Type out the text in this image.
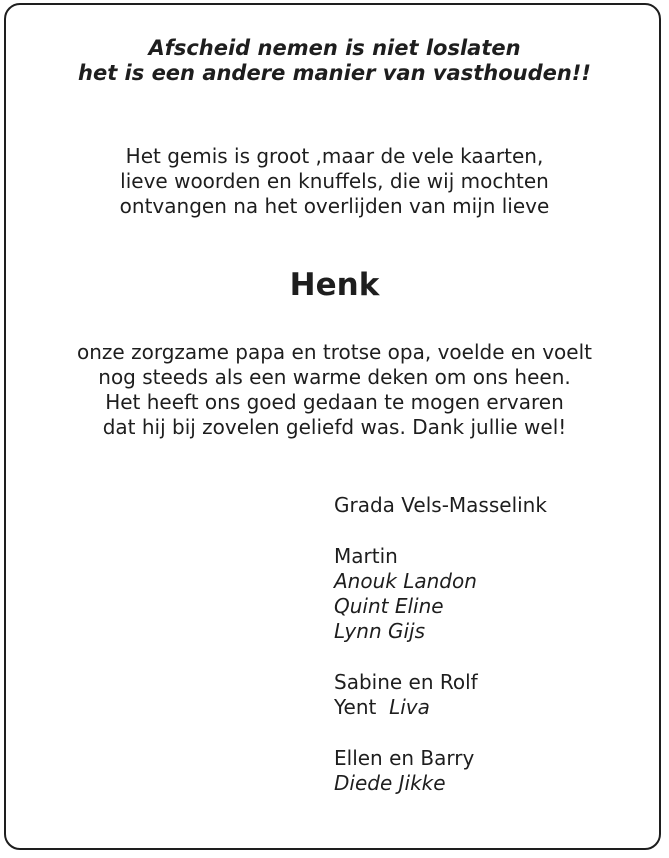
Afscheid nemen is niet loslaten
het is een andere manier van vasthouden!!
Het gemis is groot ,maar de vele kaarten,
lieve woorden en knuffels, die wij mochten
ontvangen na het overlijden van mijn lieve
Henk
onze zorgzame papa en trotse opa, voelde en voelt
nog steeds als een warme deken om ons heen.
Het heeft ons goed gedaan te mogen ervaren
dat hij bij zovelen geliefd was. Dank jullie wel!
Grada Vels-Masselink
Martin
Anouk Landon
Quint Eline
Lynn Gijs
Sabine en Rolf
Yent Liva
Ellen en Barry
Diede Jikke
